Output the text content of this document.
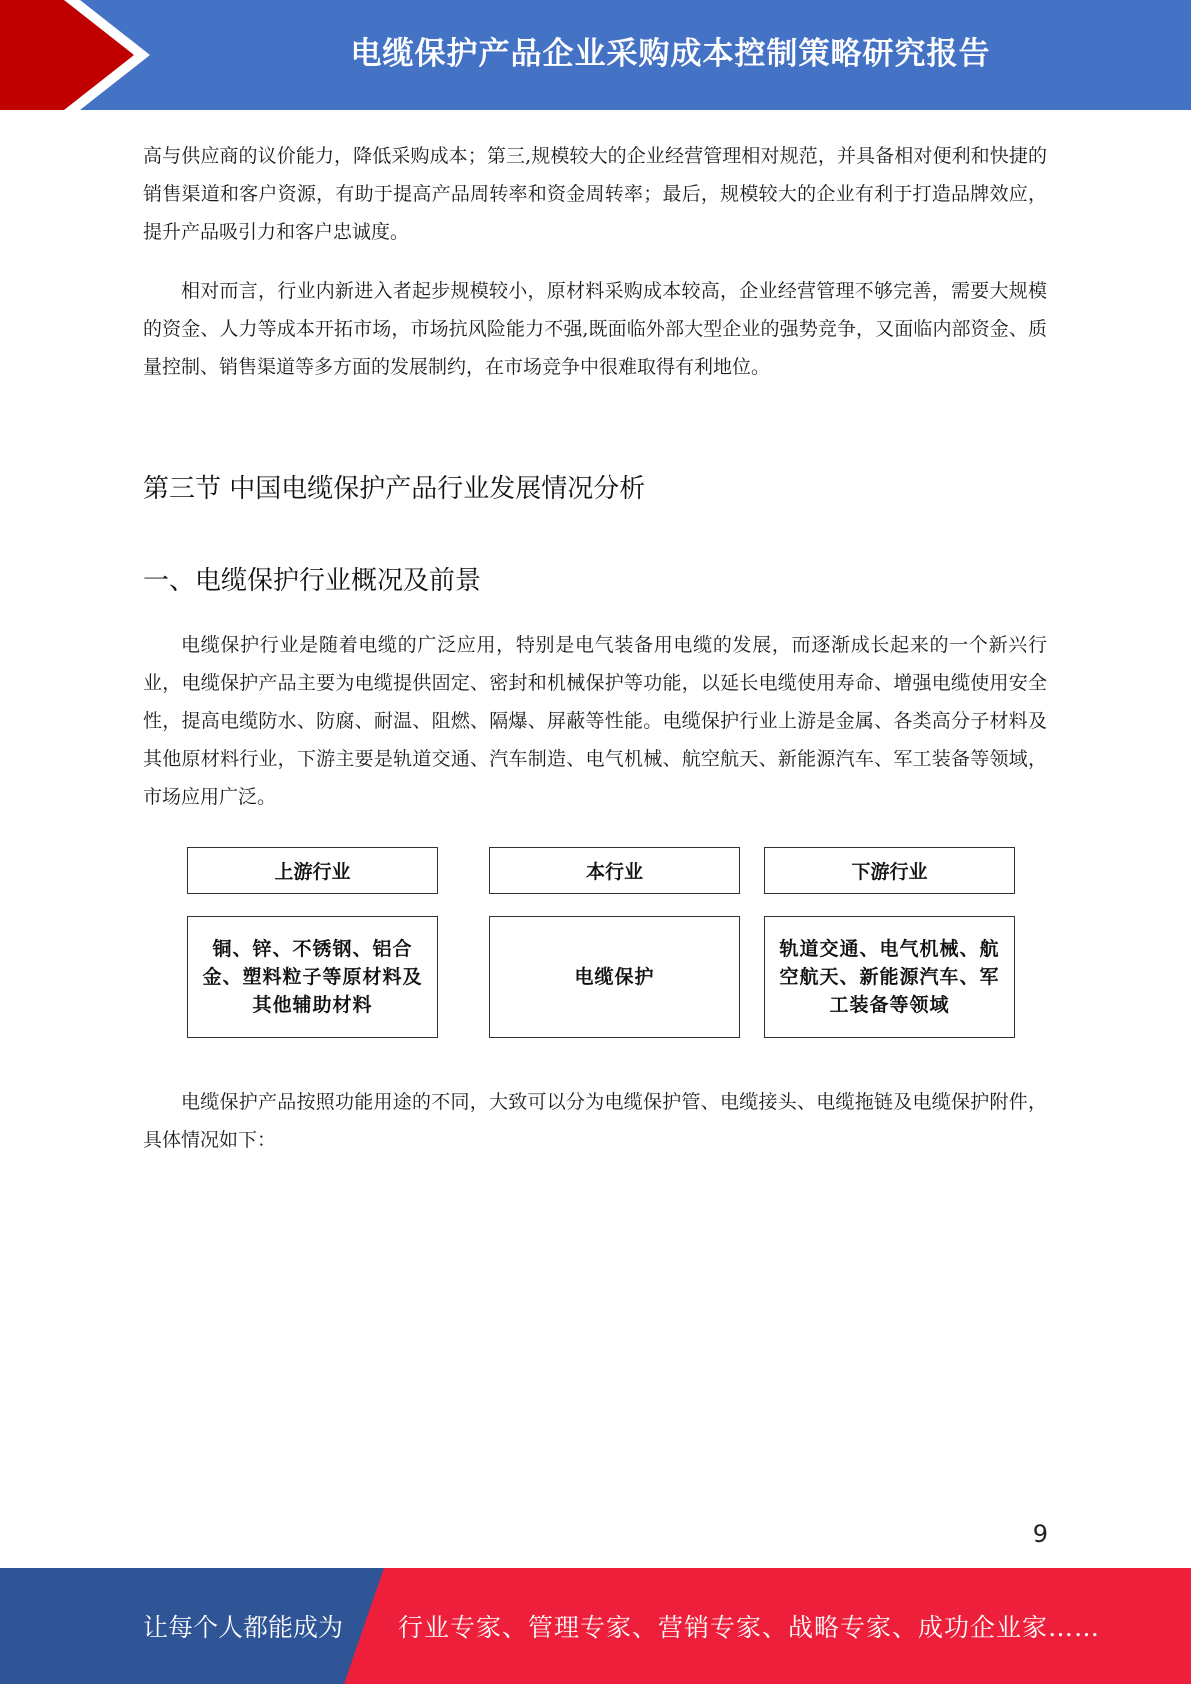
电缆保护产品企业采购成本控制策略研究报告

高与供应商的议价能力，降低采购成本；第三,规模较大的企业经营管理相对规范，并具备相对便利和快捷的销售渠道和客户资源，有助于提高产品周转率和资金周转率；最后，规模较大的企业有利于打造品牌效应，提升产品吸引力和客户忠诚度。

相对而言，行业内新进入者起步规模较小，原材料采购成本较高，企业经营管理不够完善，需要大规模的资金、人力等成本开拓市场，市场抗风险能力不强,既面临外部大型企业的强势竞争，又面临内部资金、质量控制、销售渠道等多方面的发展制约，在市场竞争中很难取得有利地位。

第三节 中国电缆保护产品行业发展情况分析
一、电缆保护行业概况及前景

电缆保护行业是随着电缆的广泛应用，特别是电气装备用电缆的发展，而逐渐成长起来的一个新兴行业，电缆保护产品主要为电缆提供固定、密封和机械保护等功能，以延长电缆使用寿命、增强电缆使用安全性，提高电缆防水、防腐、耐温、阻燃、隔爆、屏蔽等性能。电缆保护行业上游是金属、各类高分子材料及其他原材料行业，下游主要是轨道交通、汽车制造、电气机械、航空航天、新能源汽车、军工装备等领域，市场应用广泛。

上游行业	本行业	下游行业
铜、锌、不锈钢、铝合金、塑料粒子等原材料及其他辅助材料
电缆保护
轨道交通、电气机械、航空航天、新能源汽车、军工装备等领域

电缆保护产品按照功能用途的不同，大致可以分为电缆保护管、电缆接头、电缆拖链及电缆保护附件，具体情况如下：

9
让每个人都能成为 行业专家、管理专家、营销专家、战略专家、成功企业家……
